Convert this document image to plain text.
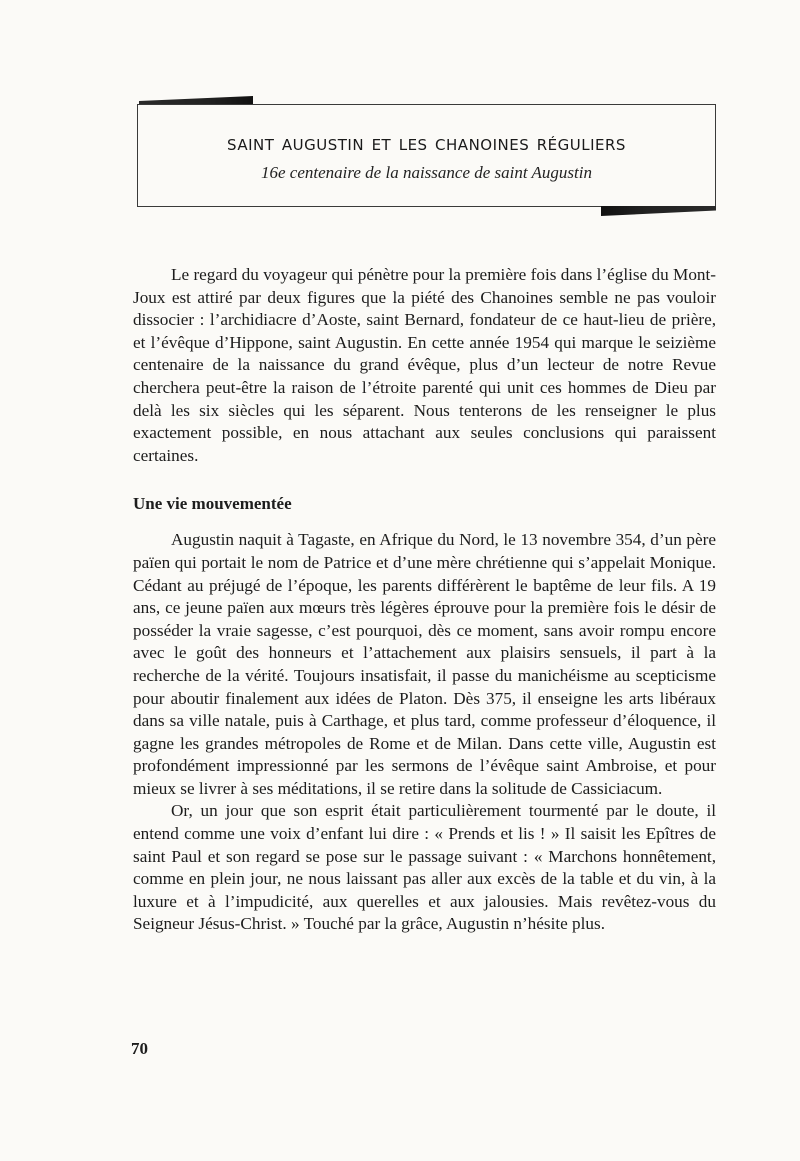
saint augustin et les chanoines réguliers
16e centenaire de la naissance de saint Augustin

Le regard du voyageur qui pénètre pour la première fois dans l’église du Mont-Joux est attiré par deux figures que la piété des Chanoines semble ne pas vouloir dissocier : l’archidiacre d’Aoste, saint Bernard, fondateur de ce haut-lieu de prière, et l’évêque d’Hippone, saint Augustin. En cette année 1954 qui marque le seizième centenaire de la naissance du grand évêque, plus d’un lecteur de notre Revue cherchera peut-être la raison de l’étroite parenté qui unit ces hommes de Dieu par delà les six siècles qui les séparent. Nous tenterons de les renseigner le plus exactement possible, en nous attachant aux seules conclusions qui paraissent certaines.

Une vie mouvementée

Augustin naquit à Tagaste, en Afrique du Nord, le 13 novembre 354, d’un père païen qui portait le nom de Patrice et d’une mère chrétienne qui s’appelait Monique. Cédant au préjugé de l’époque, les parents différèrent le baptême de leur fils. A 19 ans, ce jeune païen aux mœurs très légères éprouve pour la première fois le désir de posséder la vraie sagesse, c’est pourquoi, dès ce moment, sans avoir rompu encore avec le goût des honneurs et l’attachement aux plaisirs sensuels, il part à la recherche de la vérité. Toujours insatisfait, il passe du manichéisme au scepticisme pour aboutir finalement aux idées de Platon. Dès 375, il enseigne les arts libéraux dans sa ville natale, puis à Carthage, et plus tard, comme professeur d’éloquence, il gagne les grandes métropoles de Rome et de Milan. Dans cette ville, Augustin est profondément impressionné par les sermons de l’évêque saint Ambroise, et pour mieux se livrer à ses méditations, il se retire dans la solitude de Cassiciacum.

Or, un jour que son esprit était particulièrement tourmenté par le doute, il entend comme une voix d’enfant lui dire : « Prends et lis ! » Il saisit les Epîtres de saint Paul et son regard se pose sur le passage suivant : « Marchons honnêtement, comme en plein jour, ne nous laissant pas aller aux excès de la table et du vin, à la luxure et à l’impudicité, aux querelles et aux jalousies. Mais revêtez-vous du Seigneur Jésus-Christ. » Touché par la grâce, Augustin n’hésite plus.

70
